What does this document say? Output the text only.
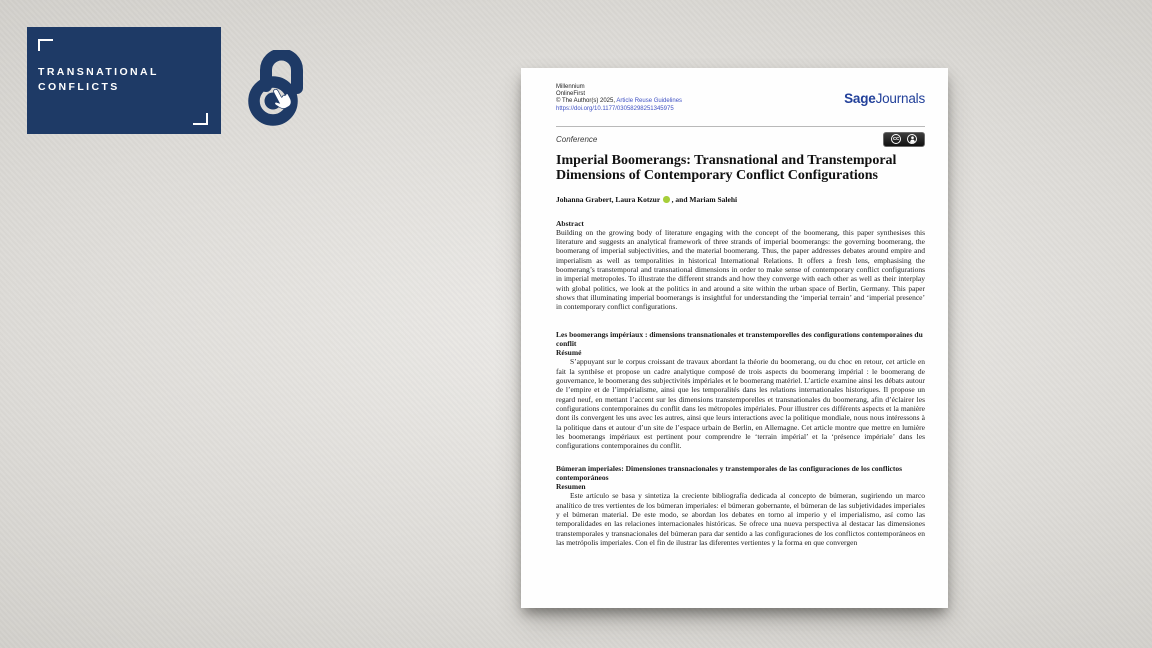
TRANSNATIONAL
CONFLICTS	Millennium
OnlineFirst
© The Author(s) 2025, Article Reuse Guidelines
https://doi.org/10.1177/03058298251345975
SageJournals
Conference	cc
BY
Imperial Boomerangs: Transnational and Transtemporal Dimensions of Contemporary Conflict Configurations
Johanna Grabert, Laura Kotzur , and Mariam Salehi

Abstract

Building on the growing body of literature engaging with the concept of the boomerang, this paper synthesises this literature and suggests an analytical framework of three strands of imperial boomerangs: the governing boomerang, the boomerang of imperial subjectivities, and the material boomerang. Thus, the paper addresses debates around empire and imperialism as well as temporalities in historical International Relations. It offers a fresh lens, emphasising the boomerang’s transtemporal and transnational dimensions in order to make sense of contemporary conflict configurations in imperial metropoles. To illustrate the different strands and how they converge with each other as well as their interplay with global politics, we look at the politics in and around a site within the urban space of Berlin, Germany. This paper shows that illuminating imperial boomerangs is insightful for understanding the ‘imperial terrain’ and ‘imperial presence’ in contemporary conflict configurations.

Les boomerangs impériaux : dimensions transnationales et transtemporelles des configurations contemporaines du conflit

Résumé

S’appuyant sur le corpus croissant de travaux abordant la théorie du boomerang, ou du choc en retour, cet article en fait la synthèse et propose un cadre analytique composé de trois aspects du boomerang impérial : le boomerang de gouvernance, le boomerang des subjectivités impériales et le boomerang matériel. L’article examine ainsi les débats autour de l’empire et de l’impérialisme, ainsi que les temporalités dans les relations internationales historiques. Il propose un regard neuf, en mettant l’accent sur les dimensions transtemporelles et transnationales du boomerang, afin d’éclairer les configurations contemporaines du conflit dans les métropoles impériales. Pour illustrer ces différents aspects et la manière dont ils convergent les uns avec les autres, ainsi que leurs interactions avec la politique mondiale, nous nous intéressons à la politique dans et autour d’un site de l’espace urbain de Berlin, en Allemagne. Cet article montre que mettre en lumière les boomerangs impériaux est pertinent pour comprendre le ‘terrain impérial’ et la ‘présence impériale’ dans les configurations contemporaines du conflit.

Búmeran imperiales: Dimensiones transnacionales y transtemporales de las configuraciones de los conflictos contemporáneos

Resumen

Este artículo se basa y sintetiza la creciente bibliografía dedicada al concepto de búmeran, sugiriendo un marco analítico de tres vertientes de los búmeran imperiales: el búmeran gobernante, el búmeran de las subjetividades imperiales y el búmeran material. De este modo, se abordan los debates en torno al imperio y el imperialismo, así como las temporalidades en las relaciones internacionales históricas. Se ofrece una nueva perspectiva al destacar las dimensiones transtemporales y transnacionales del búmeran para dar sentido a las configuraciones de los conflictos contemporáneos en las metrópolis imperiales. Con el fin de ilustrar las diferentes vertientes y la forma en que convergen
